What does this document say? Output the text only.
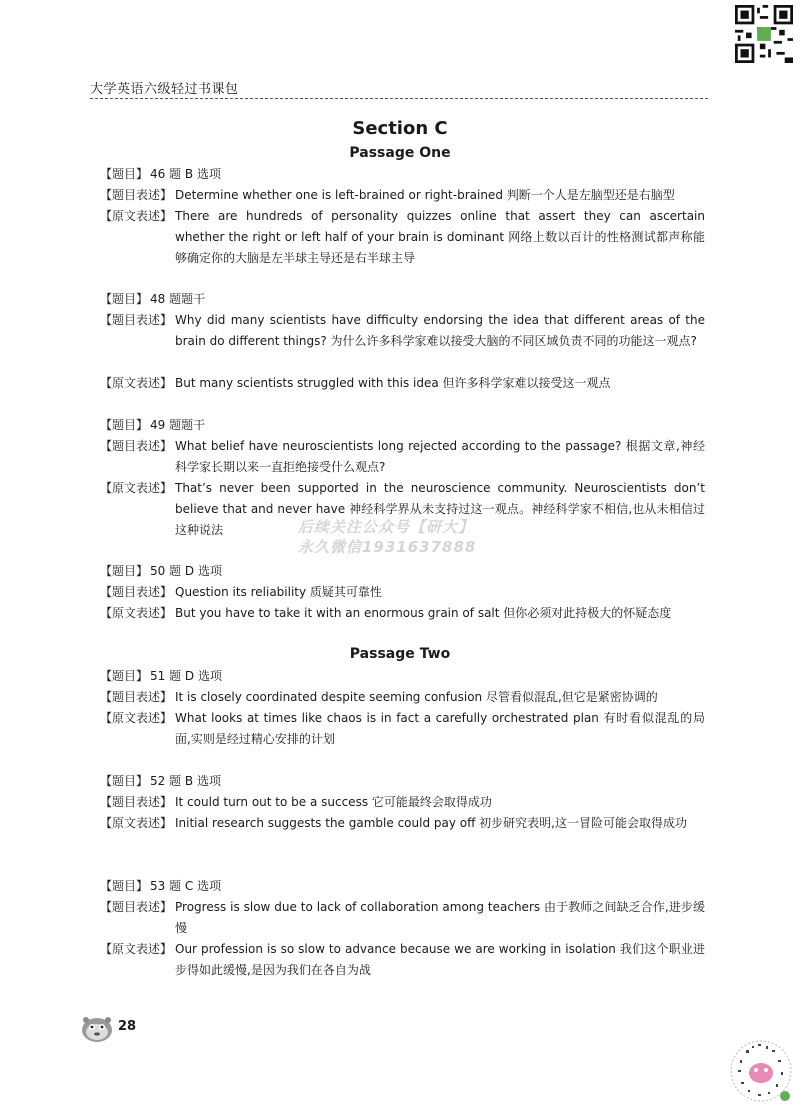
大学英语六级轻过书课包
Section C
Passage One
【题目】 46 题 B 选项
【题目表述】 Determine whether one is left-brained or right-brained 判断一个人是左脑型还是右脑型
【原文表述】 There are hundreds of personality quizzes online that assert they can ascertain whether the right or left half of your brain is dominant 网络上数以百计的性格测试都声称能够确定你的大脑是左半球主导还是右半球主导
【题目】 48 题题干
【题目表述】 Why did many scientists have difficulty endorsing the idea that different areas of the brain do different things? 为什么许多科学家难以接受大脑的不同区域负责不同的功能这一观点?
【原文表述】 But many scientists struggled with this idea 但许多科学家难以接受这一观点
【题目】 49 题题干
【题目表述】 What belief have neuroscientists long rejected according to the passage? 根据文章,神经科学家长期以来一直拒绝接受什么观点?
【原文表述】 That’s never been supported in the neuroscience community. Neuroscientists don’t believe that and never have 神经科学界从未支持过这一观点。神经科学家不相信,也从未相信过这种说法
【题目】 50 题 D 选项
【题目表述】 Question its reliability 质疑其可靠性
【原文表述】 But you have to take it with an enormous grain of salt 但你必须对此持极大的怀疑态度
Passage Two
【题目】 51 题 D 选项
【题目表述】 It is closely coordinated despite seeming confusion 尽管看似混乱,但它是紧密协调的
【原文表述】 What looks at times like chaos is in fact a carefully orchestrated plan 有时看似混乱的局面,实则是经过精心安排的计划
【题目】 52 题 B 选项
【题目表述】 It could turn out to be a success 它可能最终会取得成功
【原文表述】 Initial research suggests the gamble could pay off 初步研究表明,这一冒险可能会取得成功
【题目】 53 题 C 选项
【题目表述】 Progress is slow due to lack of collaboration among teachers 由于教师之间缺乏合作,进步缓慢
【原文表述】 Our profession is so slow to advance because we are working in isolation 我们这个职业进步得如此缓慢,是因为我们在各自为战
后续关注公众号【研大】
永久微信1931637888
28
